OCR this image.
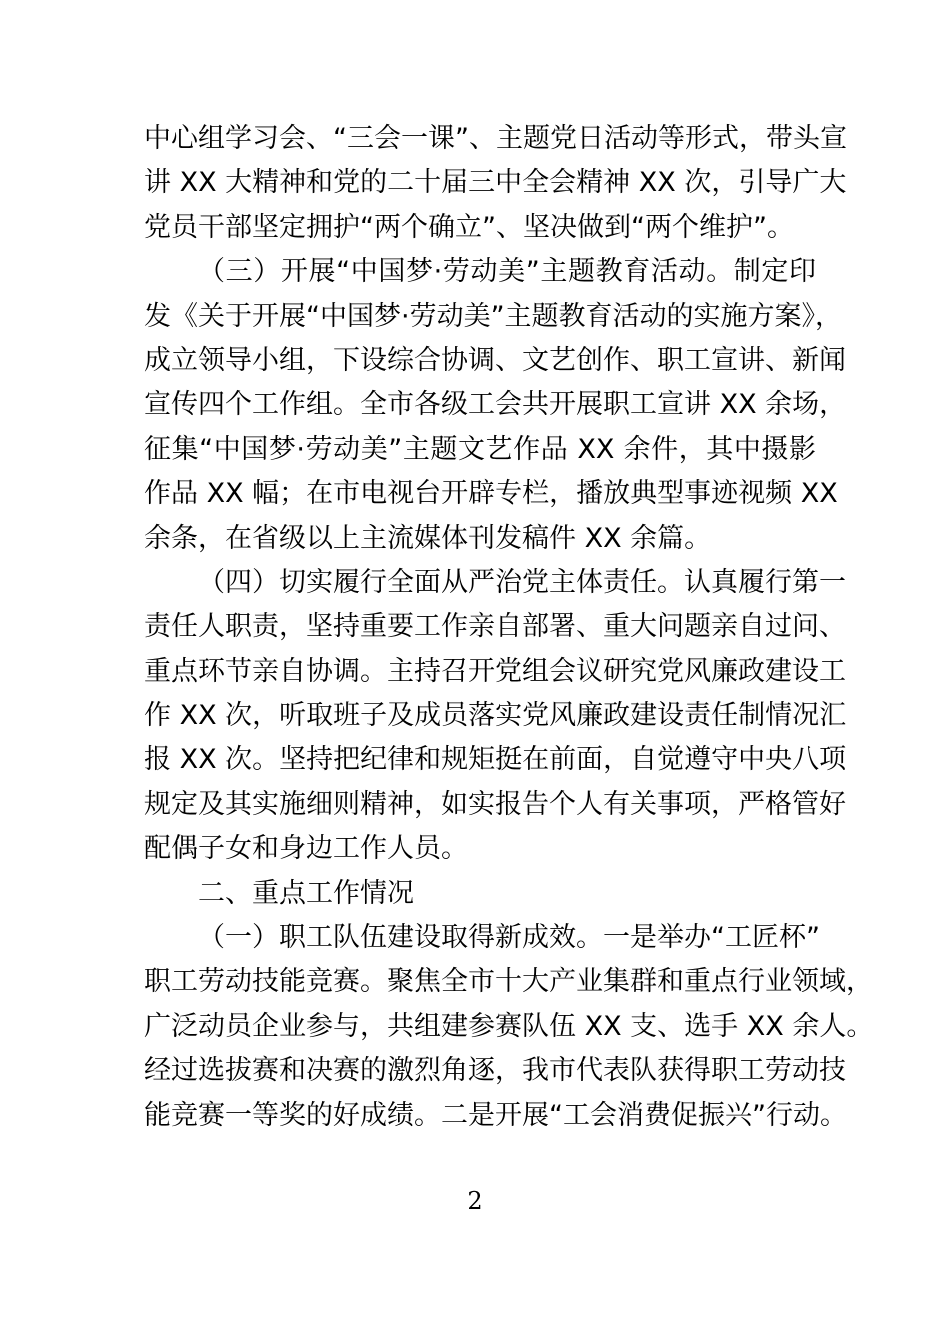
中心组学习会、“三会一课”、主题党日活动等形式，带头宣
讲 XX 大精神和党的二十届三中全会精神 XX 次，引导广大
党员干部坚定拥护“两个确立”、坚决做到“两个维护”。
（三）开展“中国梦·劳动美”主题教育活动。制定印
发《关于开展“中国梦·劳动美”主题教育活动的实施方案》，
成立领导小组，下设综合协调、文艺创作、职工宣讲、新闻
宣传四个工作组。全市各级工会共开展职工宣讲 XX 余场，
征集“中国梦·劳动美”主题文艺作品 XX 余件，其中摄影
作品 XX 幅；在市电视台开辟专栏，播放典型事迹视频 XX
余条，在省级以上主流媒体刊发稿件 XX 余篇。
（四）切实履行全面从严治党主体责任。认真履行第一
责任人职责，坚持重要工作亲自部署、重大问题亲自过问、
重点环节亲自协调。主持召开党组会议研究党风廉政建设工
作 XX 次，听取班子及成员落实党风廉政建设责任制情况汇
报 XX 次。坚持把纪律和规矩挺在前面，自觉遵守中央八项
规定及其实施细则精神，如实报告个人有关事项，严格管好
配偶子女和身边工作人员。
二、重点工作情况
（一）职工队伍建设取得新成效。一是举办“工匠杯”
职工劳动技能竞赛。聚焦全市十大产业集群和重点行业领域，
广泛动员企业参与，共组建参赛队伍 XX 支、选手 XX 余人。
经过选拔赛和决赛的激烈角逐，我市代表队获得职工劳动技
能竞赛一等奖的好成绩。二是开展“工会消费促振兴”行动。
2
